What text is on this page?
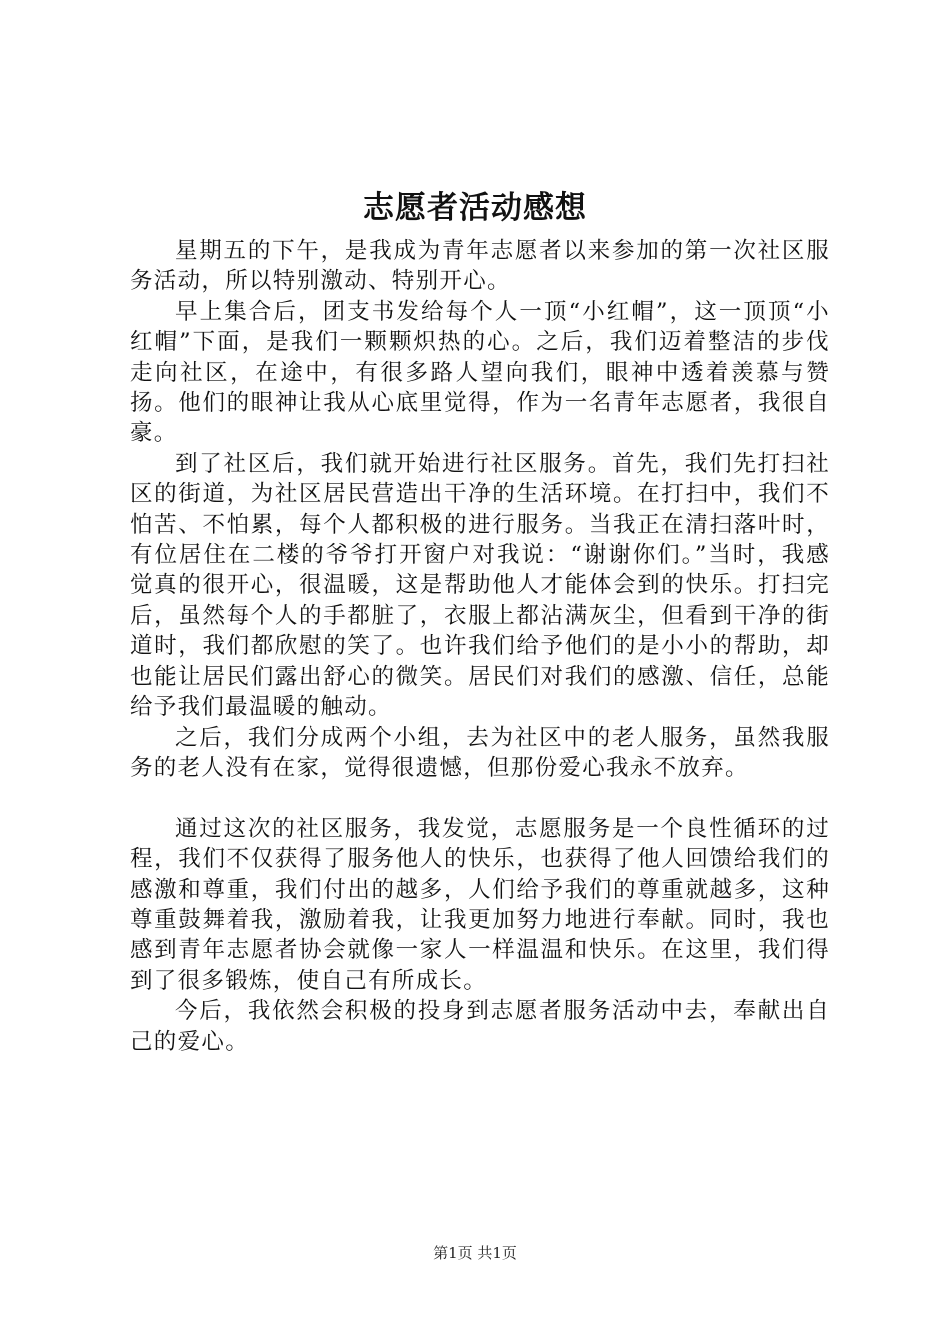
志愿者活动感想

星期五的下午，是我成为青年志愿者以来参加的第一次社区服务活动，所以特别激动、特别开心。

早上集合后，团支书发给每个人一顶“小红帽”，这一顶顶“小红帽”下面，是我们一颗颗炽热的心。之后，我们迈着整洁的步伐走向社区，在途中，有很多路人望向我们，眼神中透着羡慕与赞扬。他们的眼神让我从心底里觉得，作为一名青年志愿者，我很自豪。

到了社区后，我们就开始进行社区服务。首先，我们先打扫社区的街道，为社区居民营造出干净的生活环境。在打扫中，我们不怕苦、不怕累，每个人都积极的进行服务。当我正在清扫落叶时，有位居住在二楼的爷爷打开窗户对我说：“谢谢你们。”当时，我感觉真的很开心，很温暖，这是帮助他人才能体会到的快乐。打扫完后，虽然每个人的手都脏了，衣服上都沾满灰尘，但看到干净的街道时，我们都欣慰的笑了。也许我们给予他们的是小小的帮助，却也能让居民们露出舒心的微笑。居民们对我们的感激、信任，总能给予我们最温暖的触动。

之后，我们分成两个小组，去为社区中的老人服务，虽然我服务的老人没有在家，觉得很遗憾，但那份爱心我永不放弃。

通过这次的社区服务，我发觉，志愿服务是一个良性循环的过程，我们不仅获得了服务他人的快乐，也获得了他人回馈给我们的感激和尊重，我们付出的越多，人们给予我们的尊重就越多，这种尊重鼓舞着我，激励着我，让我更加努力地进行奉献。同时，我也感到青年志愿者协会就像一家人一样温温和快乐。在这里，我们得到了很多锻炼，使自己有所成长。

今后，我依然会积极的投身到志愿者服务活动中去，奉献出自己的爱心。

第1页 共1页
